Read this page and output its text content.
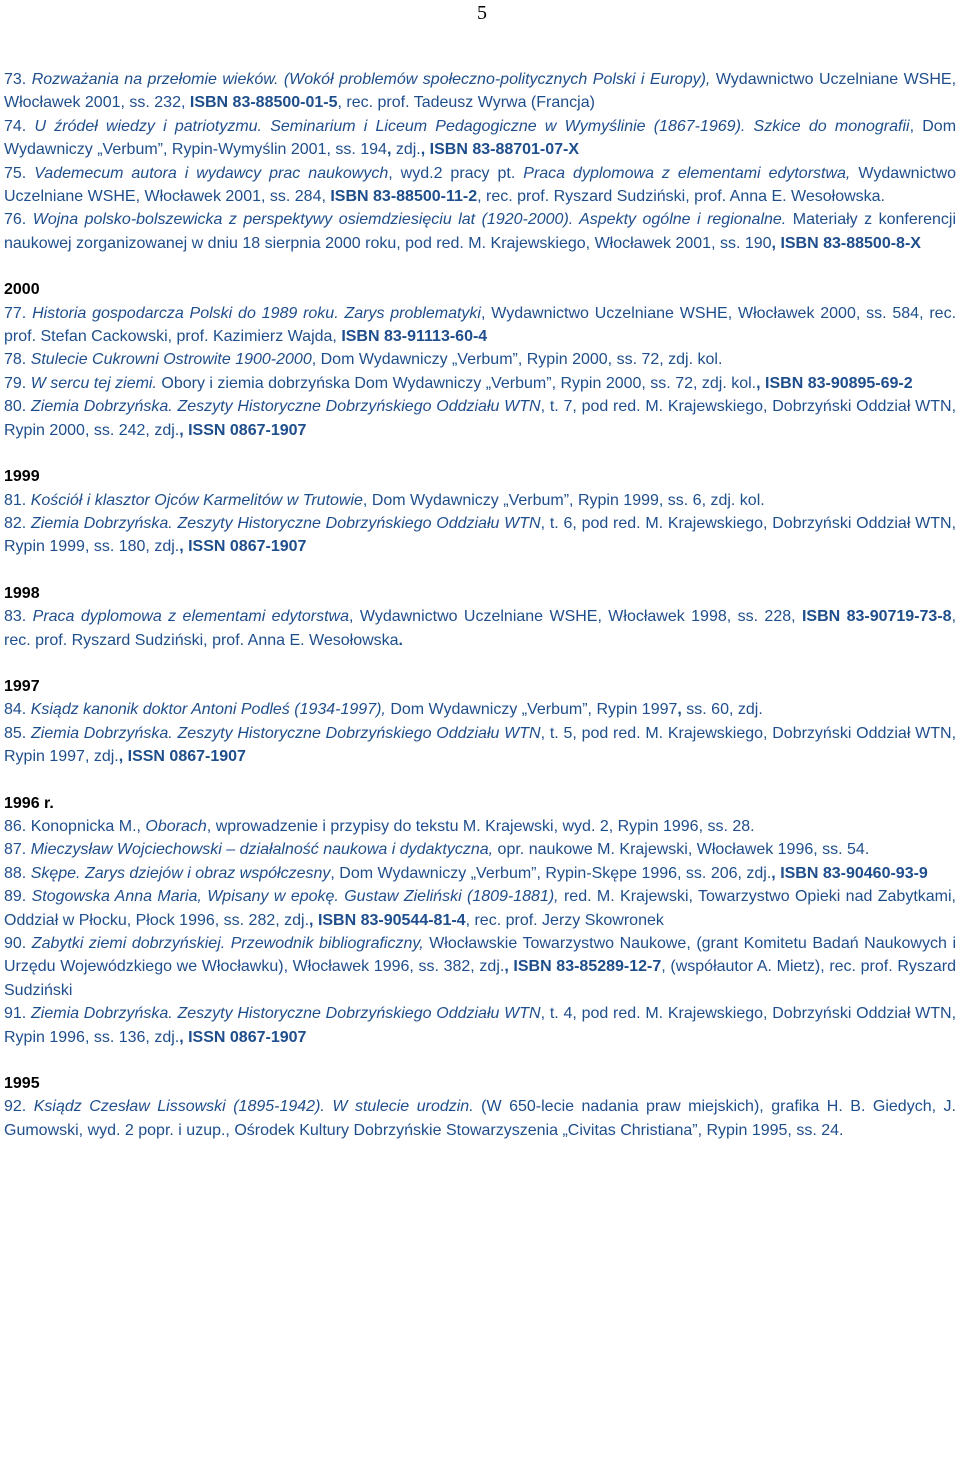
5

73. Rozważania na przełomie wieków. (Wokół problemów społeczno-politycznych Polski i Europy), Wydawnictwo Uczelniane WSHE, Włocławek 2001, ss. 232, ISBN 83-88500-01-5, rec. prof. Tadeusz Wyrwa (Francja)

74. U źródeł wiedzy i patriotyzmu. Seminarium i Liceum Pedagogiczne w Wymyślinie (1867-1969). Szkice do monografii, Dom Wydawniczy „Verbum”, Rypin-Wymyślin 2001, ss. 194, zdj., ISBN 83-88701-07-X

75. Vademecum autora i wydawcy prac naukowych, wyd.2 pracy pt. Praca dyplomowa z elementami edytorstwa, Wydawnictwo Uczelniane WSHE, Włocławek 2001, ss. 284, ISBN 83-88500-11-2, rec. prof. Ryszard Sudziński, prof. Anna E. Wesołowska.

76. Wojna polsko-bolszewicka z perspektywy osiemdziesięciu lat (1920-2000). Aspekty ogólne i regionalne. Materiały z konferencji naukowej zorganizowanej w dniu 18 sierpnia 2000 roku, pod red. M. Krajewskiego, Włocławek 2001, ss. 190, ISBN 83-88500-8-X

2000

77. Historia gospodarcza Polski do 1989 roku. Zarys problematyki, Wydawnictwo Uczelniane WSHE, Włocławek 2000, ss. 584, rec. prof. Stefan Cackowski, prof. Kazimierz Wajda, ISBN 83-91113-60-4

78. Stulecie Cukrowni Ostrowite 1900-2000, Dom Wydawniczy „Verbum”, Rypin 2000, ss. 72, zdj. kol.

79. W sercu tej ziemi. Obory i ziemia dobrzyńska Dom Wydawniczy „Verbum”, Rypin 2000, ss. 72, zdj. kol., ISBN 83-90895-69-2

80. Ziemia Dobrzyńska. Zeszyty Historyczne Dobrzyńskiego Oddziału WTN, t. 7, pod red. M. Krajewskiego, Dobrzyński Oddział WTN, Rypin 2000, ss. 242, zdj., ISSN 0867-1907

1999

81. Kościół i klasztor Ojców Karmelitów w Trutowie, Dom Wydawniczy „Verbum”, Rypin 1999, ss. 6, zdj. kol.

82. Ziemia Dobrzyńska. Zeszyty Historyczne Dobrzyńskiego Oddziału WTN, t. 6, pod red. M. Krajewskiego, Dobrzyński Oddział WTN, Rypin 1999, ss. 180, zdj., ISSN 0867-1907

1998

83. Praca dyplomowa z elementami edytorstwa, Wydawnictwo Uczelniane WSHE, Włocławek 1998, ss. 228, ISBN 83-90719-73-8, rec. prof. Ryszard Sudziński, prof. Anna E. Wesołowska.

1997

84. Ksiądz kanonik doktor Antoni Podleś (1934-1997), Dom Wydawniczy „Verbum”, Rypin 1997, ss. 60, zdj.

85. Ziemia Dobrzyńska. Zeszyty Historyczne Dobrzyńskiego Oddziału WTN, t. 5, pod red. M. Krajewskiego, Dobrzyński Oddział WTN, Rypin 1997, zdj., ISSN 0867-1907

1996 r.

86. Konopnicka M., Oborach, wprowadzenie i przypisy do tekstu M. Krajewski, wyd. 2, Rypin 1996, ss. 28.

87. Mieczysław Wojciechowski – działalność naukowa i dydaktyczna, opr. naukowe M. Krajewski, Włocławek 1996, ss. 54.

88. Skępe. Zarys dziejów i obraz współczesny, Dom Wydawniczy „Verbum”, Rypin-Skępe 1996, ss. 206, zdj., ISBN 83-90460-93-9

89. Stogowska Anna Maria, Wpisany w epokę. Gustaw Zieliński (1809-1881), red. M. Krajewski, Towarzystwo Opieki nad Zabytkami, Oddział w Płocku, Płock 1996, ss. 282, zdj., ISBN 83-90544-81-4, rec. prof. Jerzy Skowronek

90. Zabytki ziemi dobrzyńskiej. Przewodnik bibliograficzny, Włocławskie Towarzystwo Naukowe, (grant Komitetu Badań Naukowych i Urzędu Wojewódzkiego we Włocławku), Włocławek 1996, ss. 382, zdj., ISBN 83-85289-12-7, (współautor A. Mietz), rec. prof. Ryszard Sudziński

91. Ziemia Dobrzyńska. Zeszyty Historyczne Dobrzyńskiego Oddziału WTN, t. 4, pod red. M. Krajewskiego, Dobrzyński Oddział WTN, Rypin 1996, ss. 136, zdj., ISSN 0867-1907

1995

92. Ksiądz Czesław Lissowski (1895-1942). W stulecie urodzin. (W 650-lecie nadania praw miejskich), grafika H. B. Giedych, J. Gumowski, wyd. 2 popr. i uzup., Ośrodek Kultury Dobrzyńskie Stowarzyszenia „Civitas Christiana”, Rypin 1995, ss. 24.
